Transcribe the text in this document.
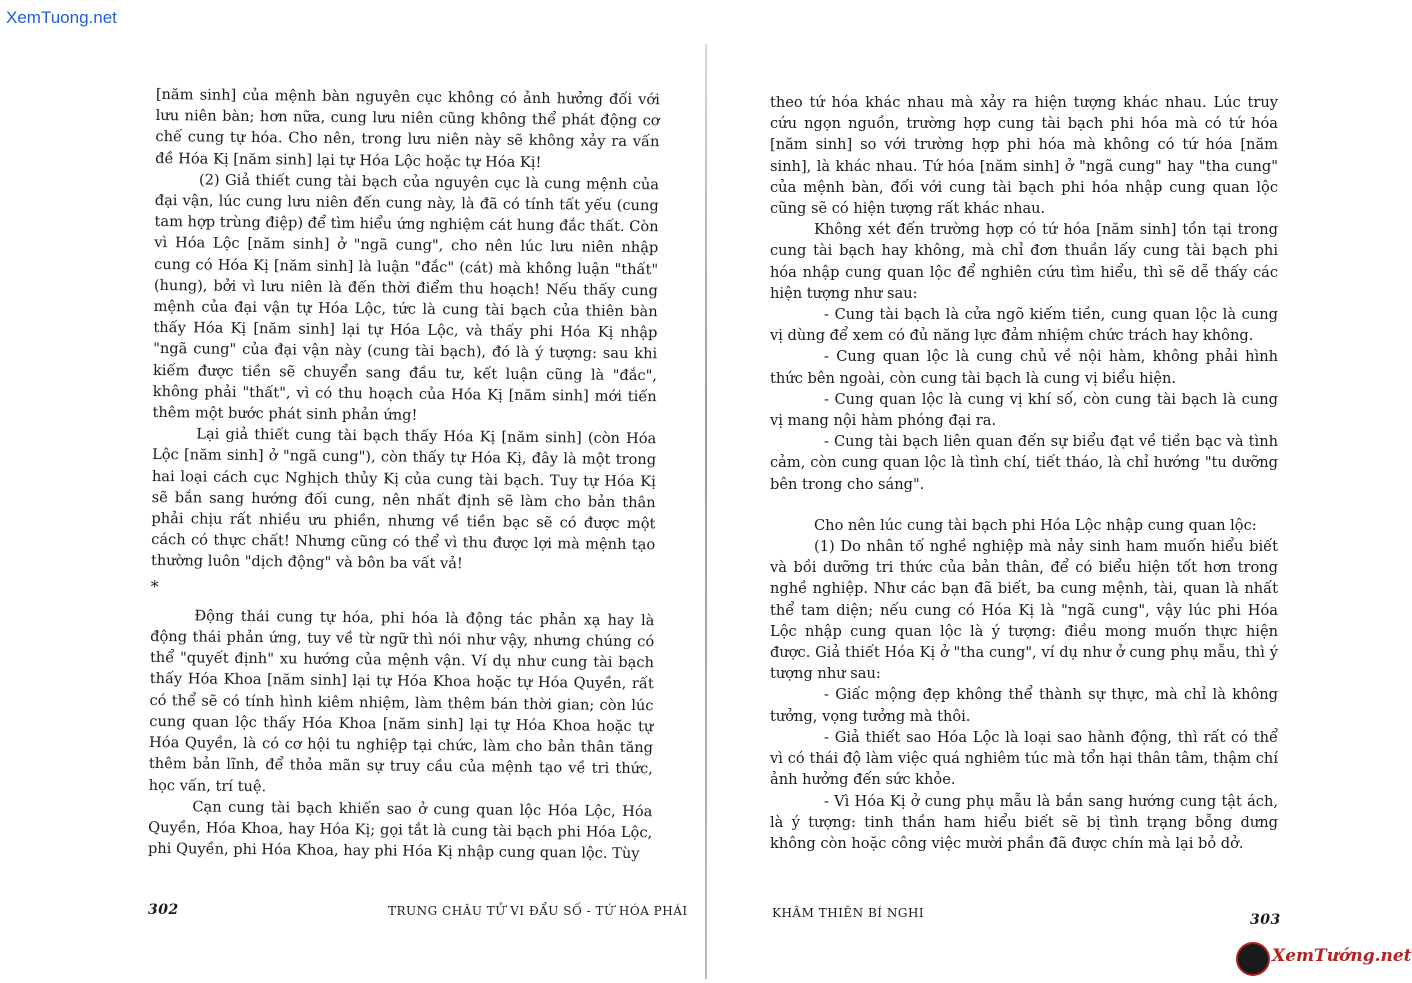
XemTuong.net

[năm sinh] của mệnh bàn nguyên cục không có ảnh hưởng đối với lưu niên bàn; hơn nữa, cung lưu niên cũng không thể phát động cơ chế cung tự hóa. Cho nên, trong lưu niên này sẽ không xảy ra vấn đề Hóa Kị [năm sinh] lại tự Hóa Lộc hoặc tự Hóa Kị!

(2) Giả thiết cung tài bạch của nguyên cục là cung mệnh của đại vận, lúc cung lưu niên đến cung này, là đã có tính tất yếu (cung tam hợp trùng điệp) để tìm hiểu ứng nghiệm cát hung đắc thất. Còn vì Hóa Lộc [năm sinh] ở "ngã cung", cho nên lúc lưu niên nhập cung có Hóa Kị [năm sinh] là luận "đắc" (cát) mà không luận "thất" (hung), bởi vì lưu niên là đến thời điểm thu hoạch! Nếu thấy cung mệnh của đại vận tự Hóa Lộc, tức là cung tài bạch của thiên bàn thấy Hóa Kị [năm sinh] lại tự Hóa Lộc, và thấy phi Hóa Kị nhập "ngã cung" của đại vận này (cung tài bạch), đó là ý tượng: sau khi kiếm được tiền sẽ chuyển sang đầu tư, kết luận cũng là "đắc", không phải "thất", vì có thu hoạch của Hóa Kị [năm sinh] mới tiến thêm một bước phát sinh phản ứng!

Lại giả thiết cung tài bạch thấy Hóa Kị [năm sinh] (còn Hóa Lộc [năm sinh] ở "ngã cung"), còn thấy tự Hóa Kị, đây là một trong hai loại cách cục Nghịch thủy Kị của cung tài bạch. Tuy tự Hóa Kị sẽ bắn sang hướng đối cung, nên nhất định sẽ làm cho bản thân phải chịu rất nhiều ưu phiền, nhưng về tiền bạc sẽ có được một cách có thực chất! Nhưng cũng có thể vì thu được lợi mà mệnh tạo thường luôn "dịch động" và bôn ba vất vả!

*

Động thái cung tự hóa, phi hóa là động tác phản xạ hay là động thái phản ứng, tuy về từ ngữ thì nói như vậy, nhưng chúng có thể "quyết định" xu hướng của mệnh vận. Ví dụ như cung tài bạch thấy Hóa Khoa [năm sinh] lại tự Hóa Khoa hoặc tự Hóa Quyền, rất có thể sẽ có tính hình kiêm nhiệm, làm thêm bán thời gian; còn lúc cung quan lộc thấy Hóa Khoa [năm sinh] lại tự Hóa Khoa hoặc tự Hóa Quyền, là có cơ hội tu nghiệp tại chức, làm cho bản thân tăng thêm bản lĩnh, để thỏa mãn sự truy cầu của mệnh tạo về tri thức, học vấn, trí tuệ.

Cạn cung tài bạch khiến sao ở cung quan lộc Hóa Lộc, Hóa Quyền, Hóa Khoa, hay Hóa Kị; gọi tắt là cung tài bạch phi Hóa Lộc, phi Quyền, phi Hóa Khoa, hay phi Hóa Kị nhập cung quan lộc. Tùy

302	TRUNG CHÂU TỬ VI ĐẨU SỐ - TỨ HÓA PHÁI

theo tứ hóa khác nhau mà xảy ra hiện tượng khác nhau. Lúc truy cứu ngọn nguồn, trường hợp cung tài bạch phi hóa mà có tứ hóa [năm sinh] so với trường hợp phi hóa mà không có tứ hóa [năm sinh], là khác nhau. Tứ hóa [năm sinh] ở "ngã cung" hay "tha cung" của mệnh bàn, đối với cung tài bạch phi hóa nhập cung quan lộc cũng sẽ có hiện tượng rất khác nhau.

Không xét đến trường hợp có tứ hóa [năm sinh] tồn tại trong cung tài bạch hay không, mà chỉ đơn thuần lấy cung tài bạch phi hóa nhập cung quan lộc để nghiên cứu tìm hiểu, thì sẽ dễ thấy các hiện tượng như sau:

- Cung tài bạch là cửa ngõ kiếm tiền, cung quan lộc là cung vị dùng để xem có đủ năng lực đảm nhiệm chức trách hay không.

- Cung quan lộc là cung chủ về nội hàm, không phải hình thức bên ngoài, còn cung tài bạch là cung vị biểu hiện.

- Cung quan lộc là cung vị khí số, còn cung tài bạch là cung vị mang nội hàm phóng đại ra.

- Cung tài bạch liên quan đến sự biểu đạt về tiền bạc và tình cảm, còn cung quan lộc là tình chí, tiết tháo, là chỉ hướng "tu dưỡng bên trong cho sáng".

Cho nên lúc cung tài bạch phi Hóa Lộc nhập cung quan lộc:

(1) Do nhân tố nghề nghiệp mà nảy sinh ham muốn hiểu biết và bồi dưỡng tri thức của bản thân, để có biểu hiện tốt hơn trong nghề nghiệp. Như các bạn đã biết, ba cung mệnh, tài, quan là nhất thể tam diện; nếu cung có Hóa Kị là "ngã cung", vậy lúc phi Hóa Lộc nhập cung quan lộc là ý tượng: điều mong muốn thực hiện được. Giả thiết Hóa Kị ở "tha cung", ví dụ như ở cung phụ mẫu, thì ý tượng như sau:

- Giấc mộng đẹp không thể thành sự thực, mà chỉ là không tưởng, vọng tưởng mà thôi.

- Giả thiết sao Hóa Lộc là loại sao hành động, thì rất có thể vì có thái độ làm việc quá nghiêm túc mà tổn hại thân tâm, thậm chí ảnh hưởng đến sức khỏe.

- Vì Hóa Kị ở cung phụ mẫu là bắn sang hướng cung tật ách, là ý tượng: tinh thần ham hiểu biết sẽ bị tình trạng bỗng dưng không còn hoặc công việc mười phần đã được chín mà lại bỏ dở.

KHÂM THIÊN BÍ NGHI	303
XemTướng.net
